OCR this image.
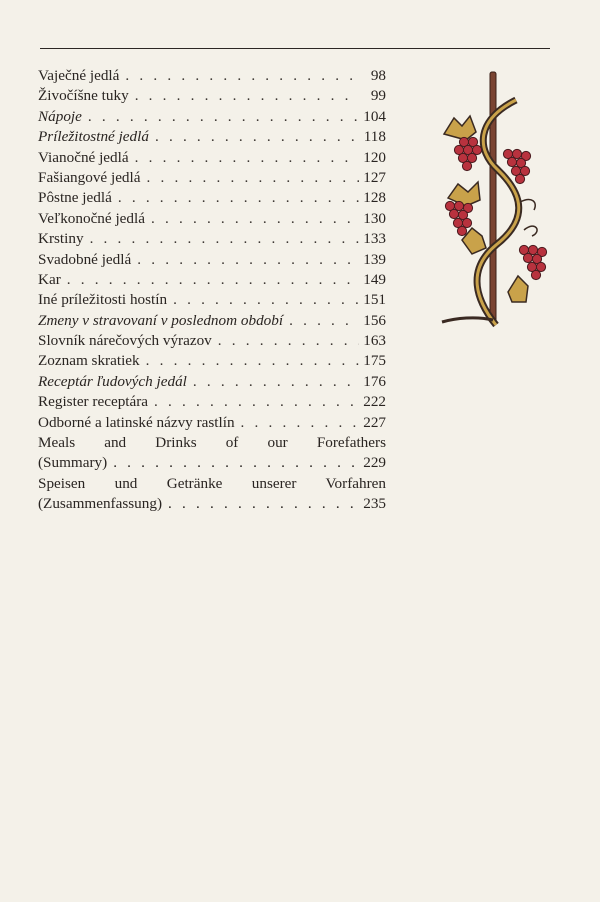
Vaječné jedlá . . .	98
Živočíšne tuky . . .	99
Nápoje . . .	104
Príležitostné jedlá . . .	118
Vianočné jedlá . . .	120
Fašiangové jedlá . . .	127
Pôstne jedlá . . .	128
Veľkonočné jedlá . . .	130
Krstiny . . .	133
Svadobné jedlá . . .	139
Kar . . .	149
Iné príležitosti hostín . . .	151
Zmeny v stravovaní v poslednom období . . .	156
Slovník nárečových výrazov . . .	163
Zoznam skratiek . . .	175
Receptár ľudových jedál . . .	176
Register receptára . . .	222
Odborné a latinské názvy rastlín . . .	227
Meals and Drinks of our Forefathers
(Summary) . . .	229
Speisen und Getränke unserer Vorfahren
(Zusammenfassung) . . .	235
